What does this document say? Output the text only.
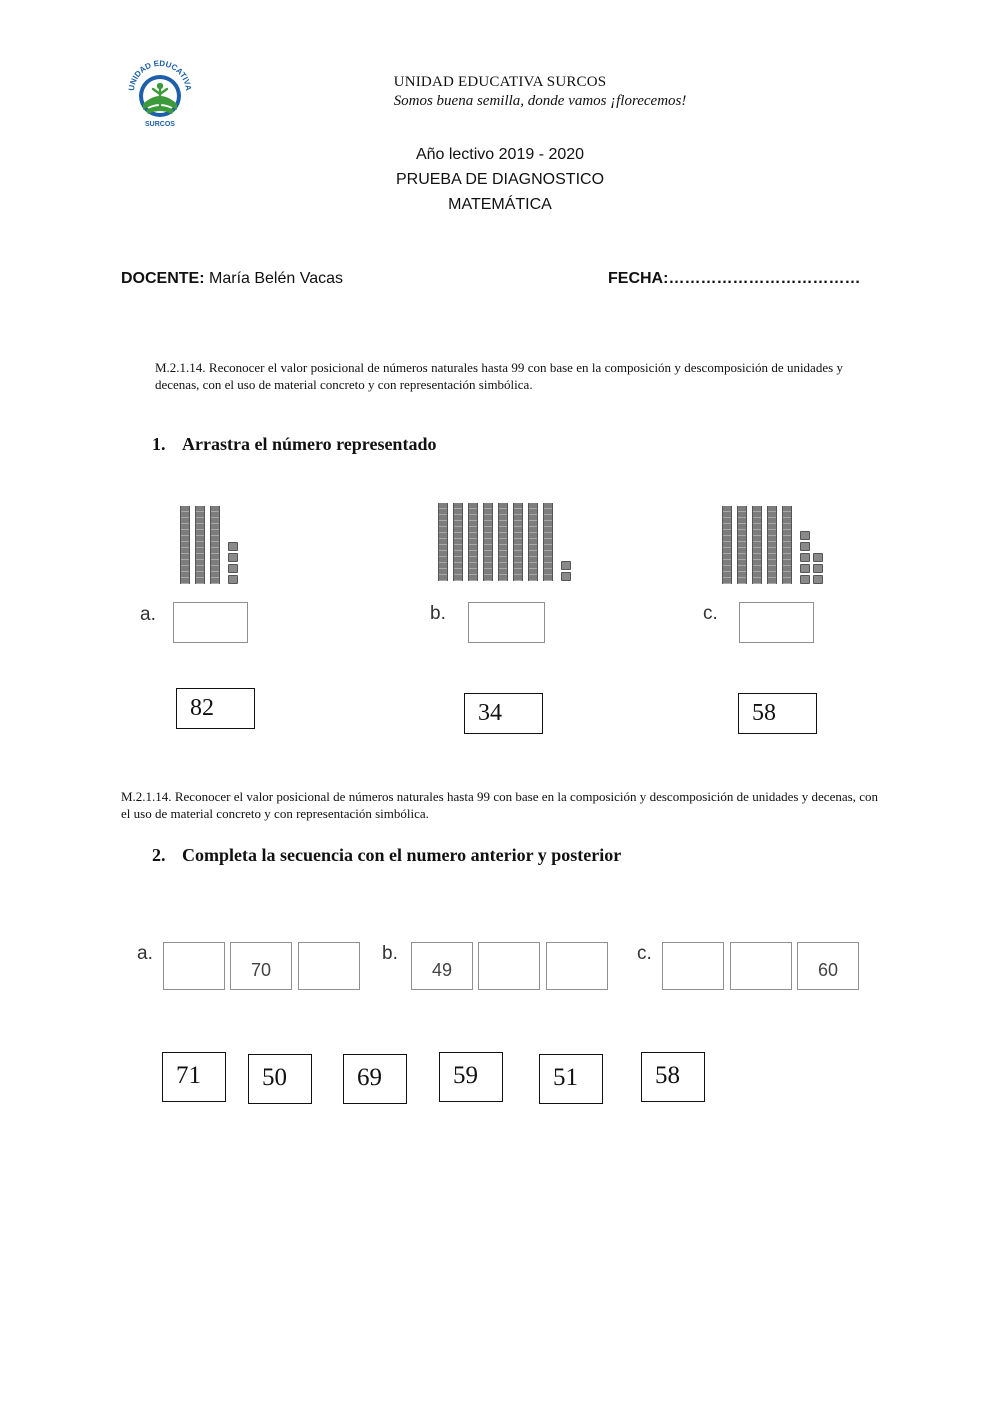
UNIDAD EDUCATIVA
SURCOS
UNIDAD EDUCATIVA SURCOS
Somos buena semilla, donde vamos ¡florecemos!
Año lectivo 2019 - 2020
PRUEBA DE DIAGNOSTICO
MATEMÁTICA
DOCENTE: María Belén Vacas	FECHA:………………………………
M.2.1.14. Reconocer el valor posicional de números naturales hasta 99 con base en la composición y descomposición de unidades y decenas, con el uso de material concreto y con representación simbólica.
1. Arrastra el número representado
a.	b.	c.
82	34	58
M.2.1.14. Reconocer el valor posicional de números naturales hasta 99 con base en la composición y descomposición de unidades y decenas, con el uso de material concreto y con representación simbólica.
2. Completa la secuencia con el numero anterior y posterior
a.
70
b.
49
c.
60
71	50	69	59	51	58
